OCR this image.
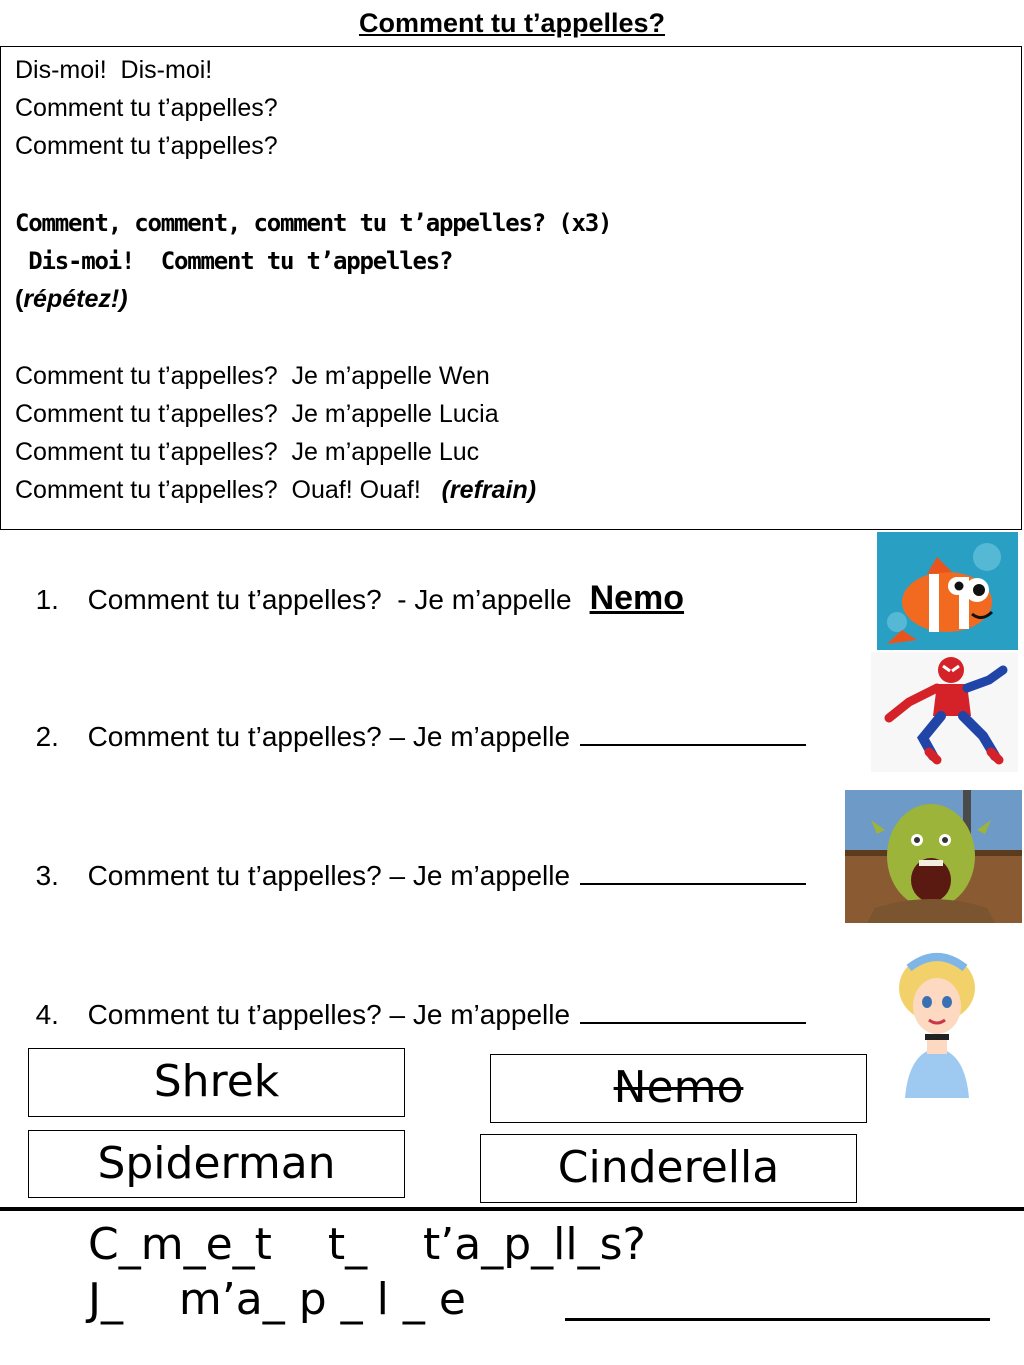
Comment tu t’appelles?
Dis-moi!  Dis-moi!
Comment tu t’appelles?
Comment tu t’appelles?
Comment, comment, comment tu t’appelles? (x3)
Dis-moi!  Comment tu t’appelles?
(répétez!)
Comment tu t’appelles?  Je m’appelle Wen
Comment tu t’appelles?  Je m’appelle Lucia
Comment tu t’appelles?  Je m’appelle Luc
Comment tu t’appelles?  Ouaf! Ouaf!   (refrain)

1. Comment tu t’appelles?  - Je m’appelle Nemo

2. Comment tu t’appelles? – Je m’appelle

3. Comment tu t’appelles? – Je m’appelle

4. Comment tu t’appelles? – Je m’appelle

Shrek	Nemo
Spiderman	Cinderella
C_m_e_t    t_    t’a_p_ll_s?
J_    m’a_ p _ l _ e
